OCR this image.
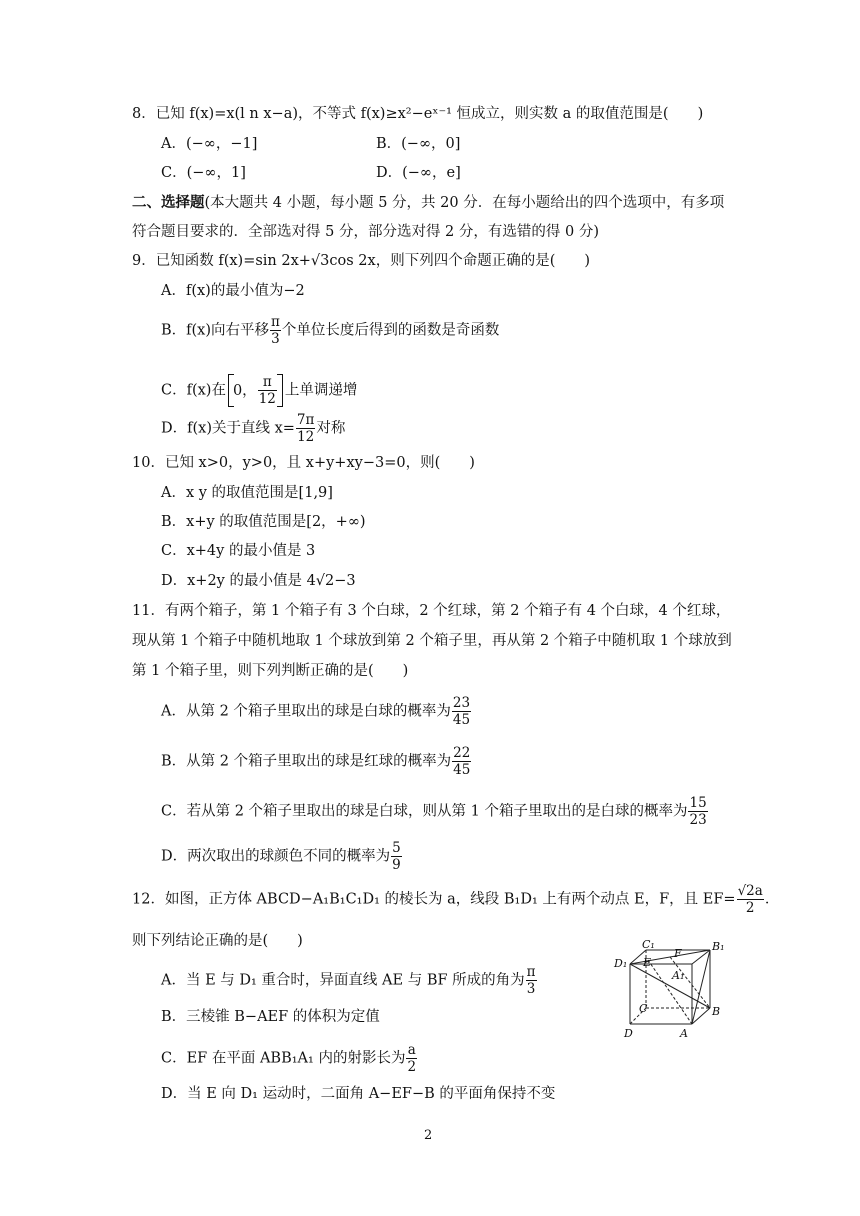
8．已知 f(x)=x(l n x−a)，不等式 f(x)≥x²−eˣ⁻¹ 恒成立，则实数 a 的取值范围是(　　)
A．(−∞，−1]	B．(−∞，0]
C．(−∞，1]	D．(−∞，e]
二、选择题(本大题共 4 小题，每小题 5 分，共 20 分．在每小题给出的四个选项中，有多项
符合题目要求的．全部选对得 5 分，部分选对得 2 分，有选错的得 0 分)
9．已知函数 f(x)=sin 2x+√3cos 2x，则下列四个命题正确的是(　　)
A．f(x)的最小值为−2
B．f(x)向右平移 $\frac{\pi}{3}$ 个单位长度后得到的函数是奇函数
C．f(x)在 0， $\frac{\pi}{12}$ 上单调递增
D．f(x)关于直线 $x= \frac{7\pi}{12}$ 对称
10．已知 x>0，y>0，且 x+y+xy−3=0，则(　　)
A．x y 的取值范围是[1,9]
B．x+y 的取值范围是[2，+∞)
C．x+4y 的最小值是 3
D．x+2y 的最小值是 4√2−3
11．有两个箱子，第 1 个箱子有 3 个白球，2 个红球，第 2 个箱子有 4 个白球，4 个红球，
现从第 1 个箱子中随机地取 1 个球放到第 2 个箱子里，再从第 2 个箱子中随机取 1 个球放到
第 1 个箱子里，则下列判断正确的是(　　)
A．从第 2 个箱子里取出的球是白球的概率为 $\frac{23}{45}$
B．从第 2 个箱子里取出的球是红球的概率为 $\frac{22}{45}$
C．若从第 2 个箱子里取出的球是白球，则从第 1 个箱子里取出的是白球的概率为 $\frac{15}{23}$
D．两次取出的球颜色不同的概率为 $\frac{5}{9}$
12．如图，正方体 ABCD−A₁B₁C₁D₁ 的棱长为 a，线段 B₁D₁ 上有两个动点 E，F，且 $EF= \frac{√2a}{2}$ ．
则下列结论正确的是(　　)
A．当 E 与 D₁ 重合时，异面直线 AE 与 BF 所成的角为 $\frac{\pi}{3}$
B．三棱锥 B−AEF 的体积为定值
C．EF 在平面 ABB₁A₁ 内的射影长为 $\frac{a}{2}$
D．当 E 向 D₁ 运动时，二面角 A−EF−B 的平面角保持不变
C₁	B₁
D₁ E
F
A₁
C	B
D	A
2
